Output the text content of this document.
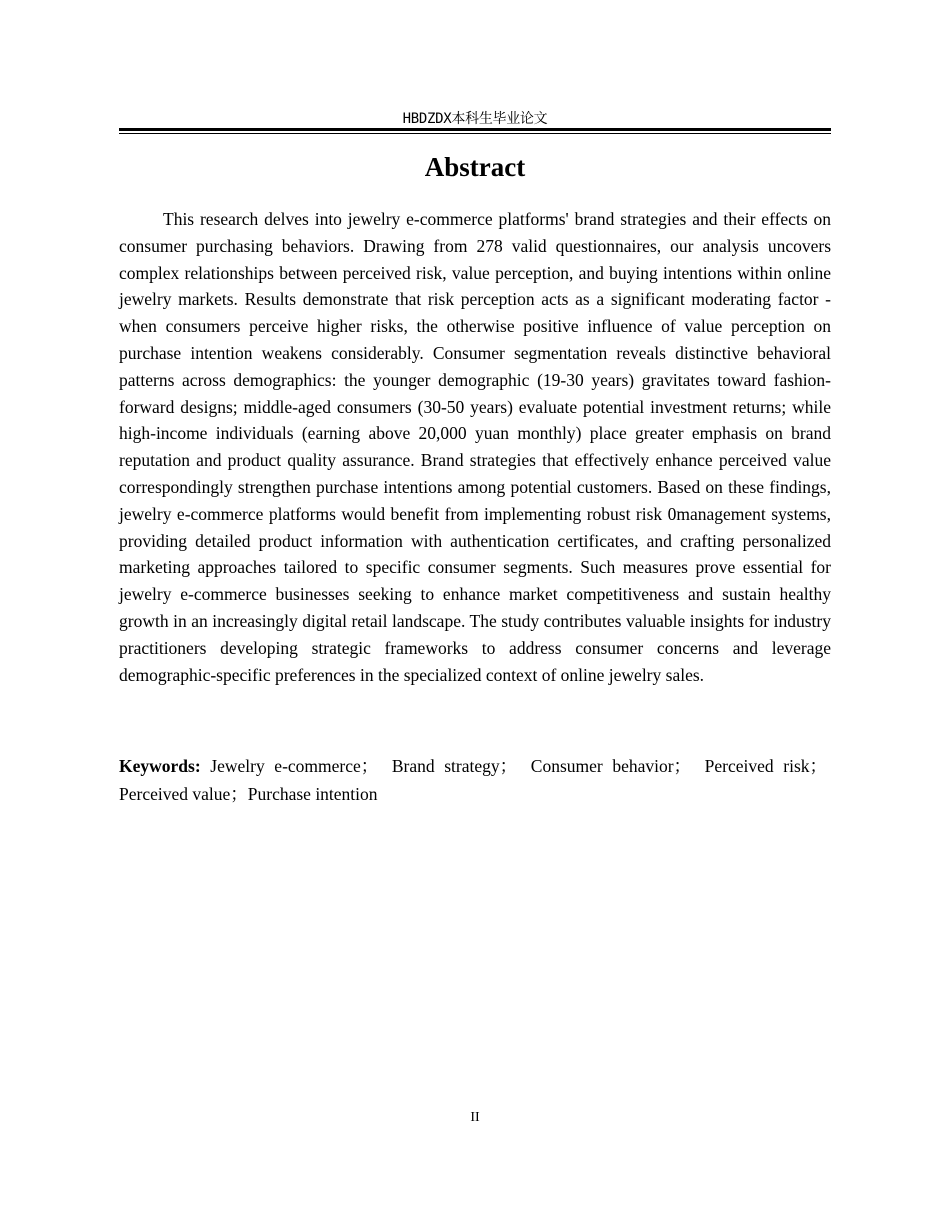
HBDZDX本科生毕业论文
Abstract

This research delves into jewelry e-commerce platforms' brand strategies and their effects on consumer purchasing behaviors. Drawing from 278 valid questionnaires, our analysis uncovers complex relationships between perceived risk, value perception, and buying intentions within online jewelry markets. Results demonstrate that risk perception acts as a significant moderating factor - when consumers perceive higher risks, the otherwise positive influence of value perception on purchase intention weakens considerably. Consumer segmentation reveals distinctive behavioral patterns across demographics: the younger demographic (19-30 years) gravitates toward fashion-forward designs; middle-aged consumers (30-50 years) evaluate potential investment returns; while high-income individuals (earning above 20,000 yuan monthly) place greater emphasis on brand reputation and product quality assurance. Brand strategies that effectively enhance perceived value correspondingly strengthen purchase intentions among potential customers. Based on these findings, jewelry e-commerce platforms would benefit from implementing robust risk 0management systems, providing detailed product information with authentication certificates, and crafting personalized marketing approaches tailored to specific consumer segments. Such measures prove essential for jewelry e-commerce businesses seeking to enhance market competitiveness and sustain healthy growth in an increasingly digital retail landscape. The study contributes valuable insights for industry practitioners developing strategic frameworks to address consumer concerns and leverage demographic-specific preferences in the specialized context of online jewelry sales.

Keywords: Jewelry e-commerce； Brand strategy； Consumer behavior； Perceived risk； Perceived value；Purchase intention

II
